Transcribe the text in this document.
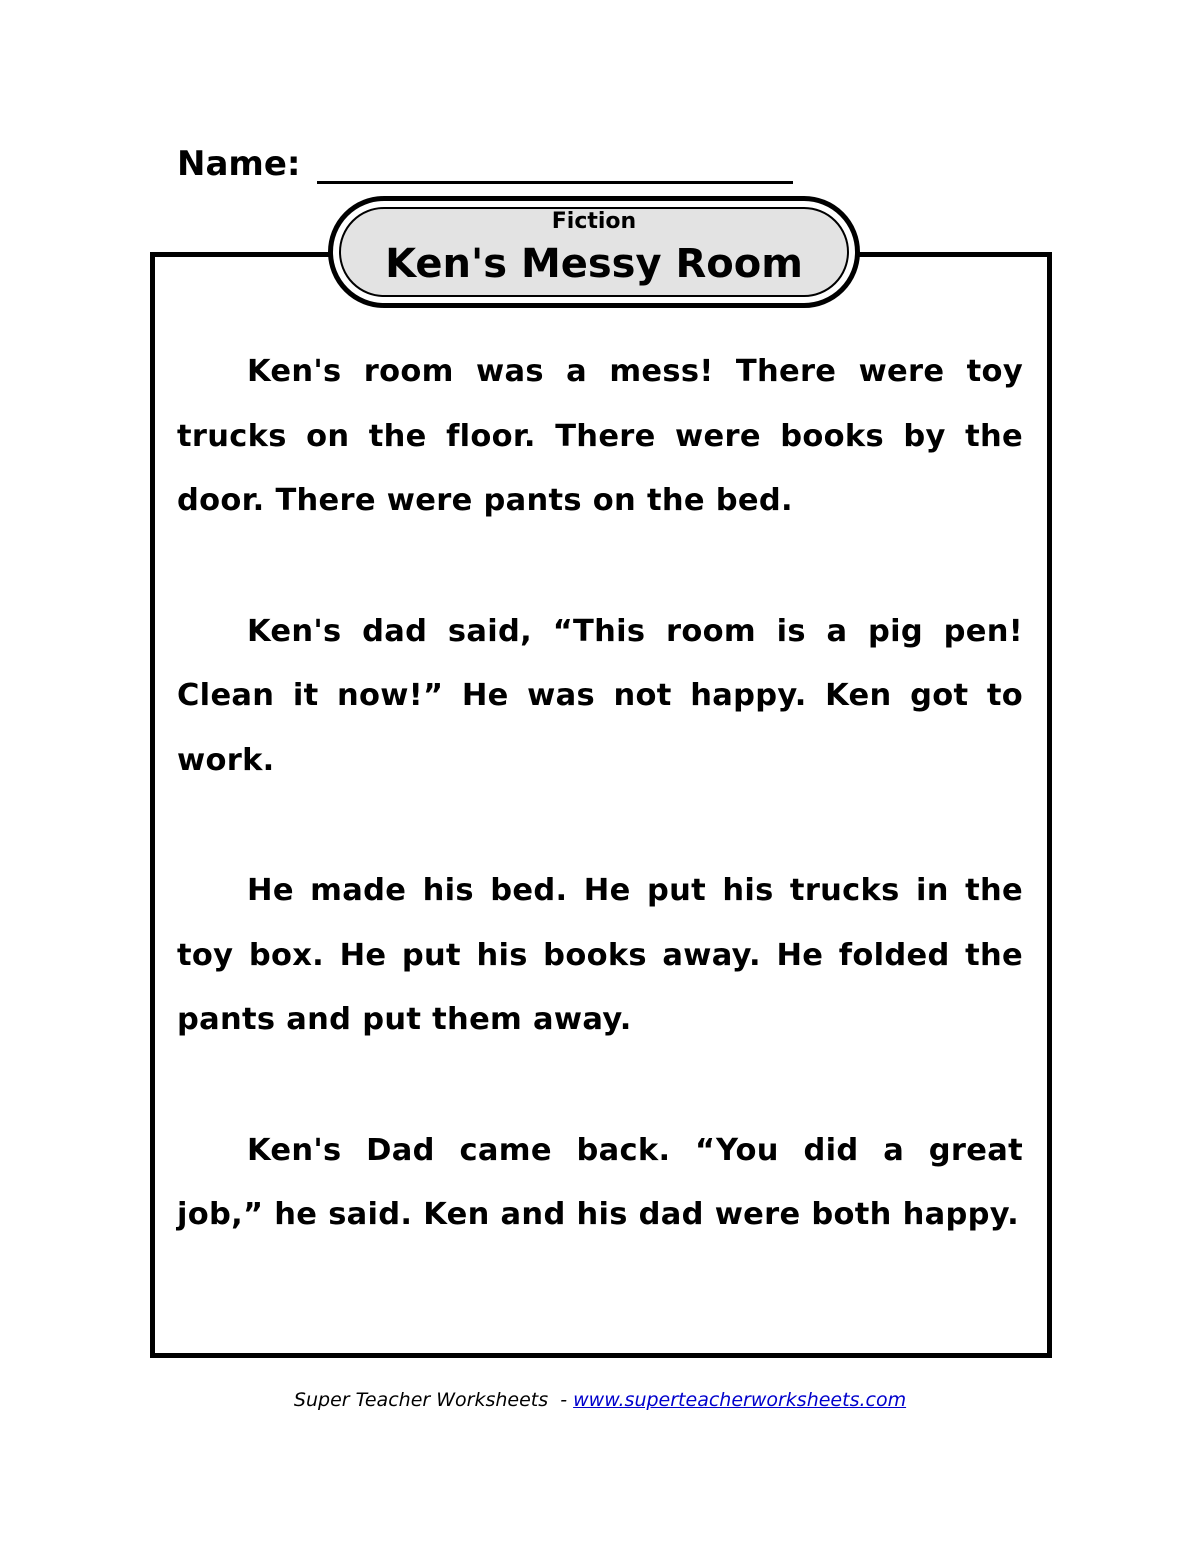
Name:
Fiction
Ken's Messy Room

Ken's room was a mess! There were toy trucks on the floor. There were books by the door. There were pants on the bed.

Ken's dad said, “This room is a pig pen! Clean it now!” He was not happy. Ken got to work.

He made his bed. He put his trucks in the toy box. He put his books away. He folded the pants and put them away.

Ken's Dad came back. “You did a great job,” he said. Ken and his dad were both happy.

Super Teacher Worksheets  - www.superteacherworksheets.com
